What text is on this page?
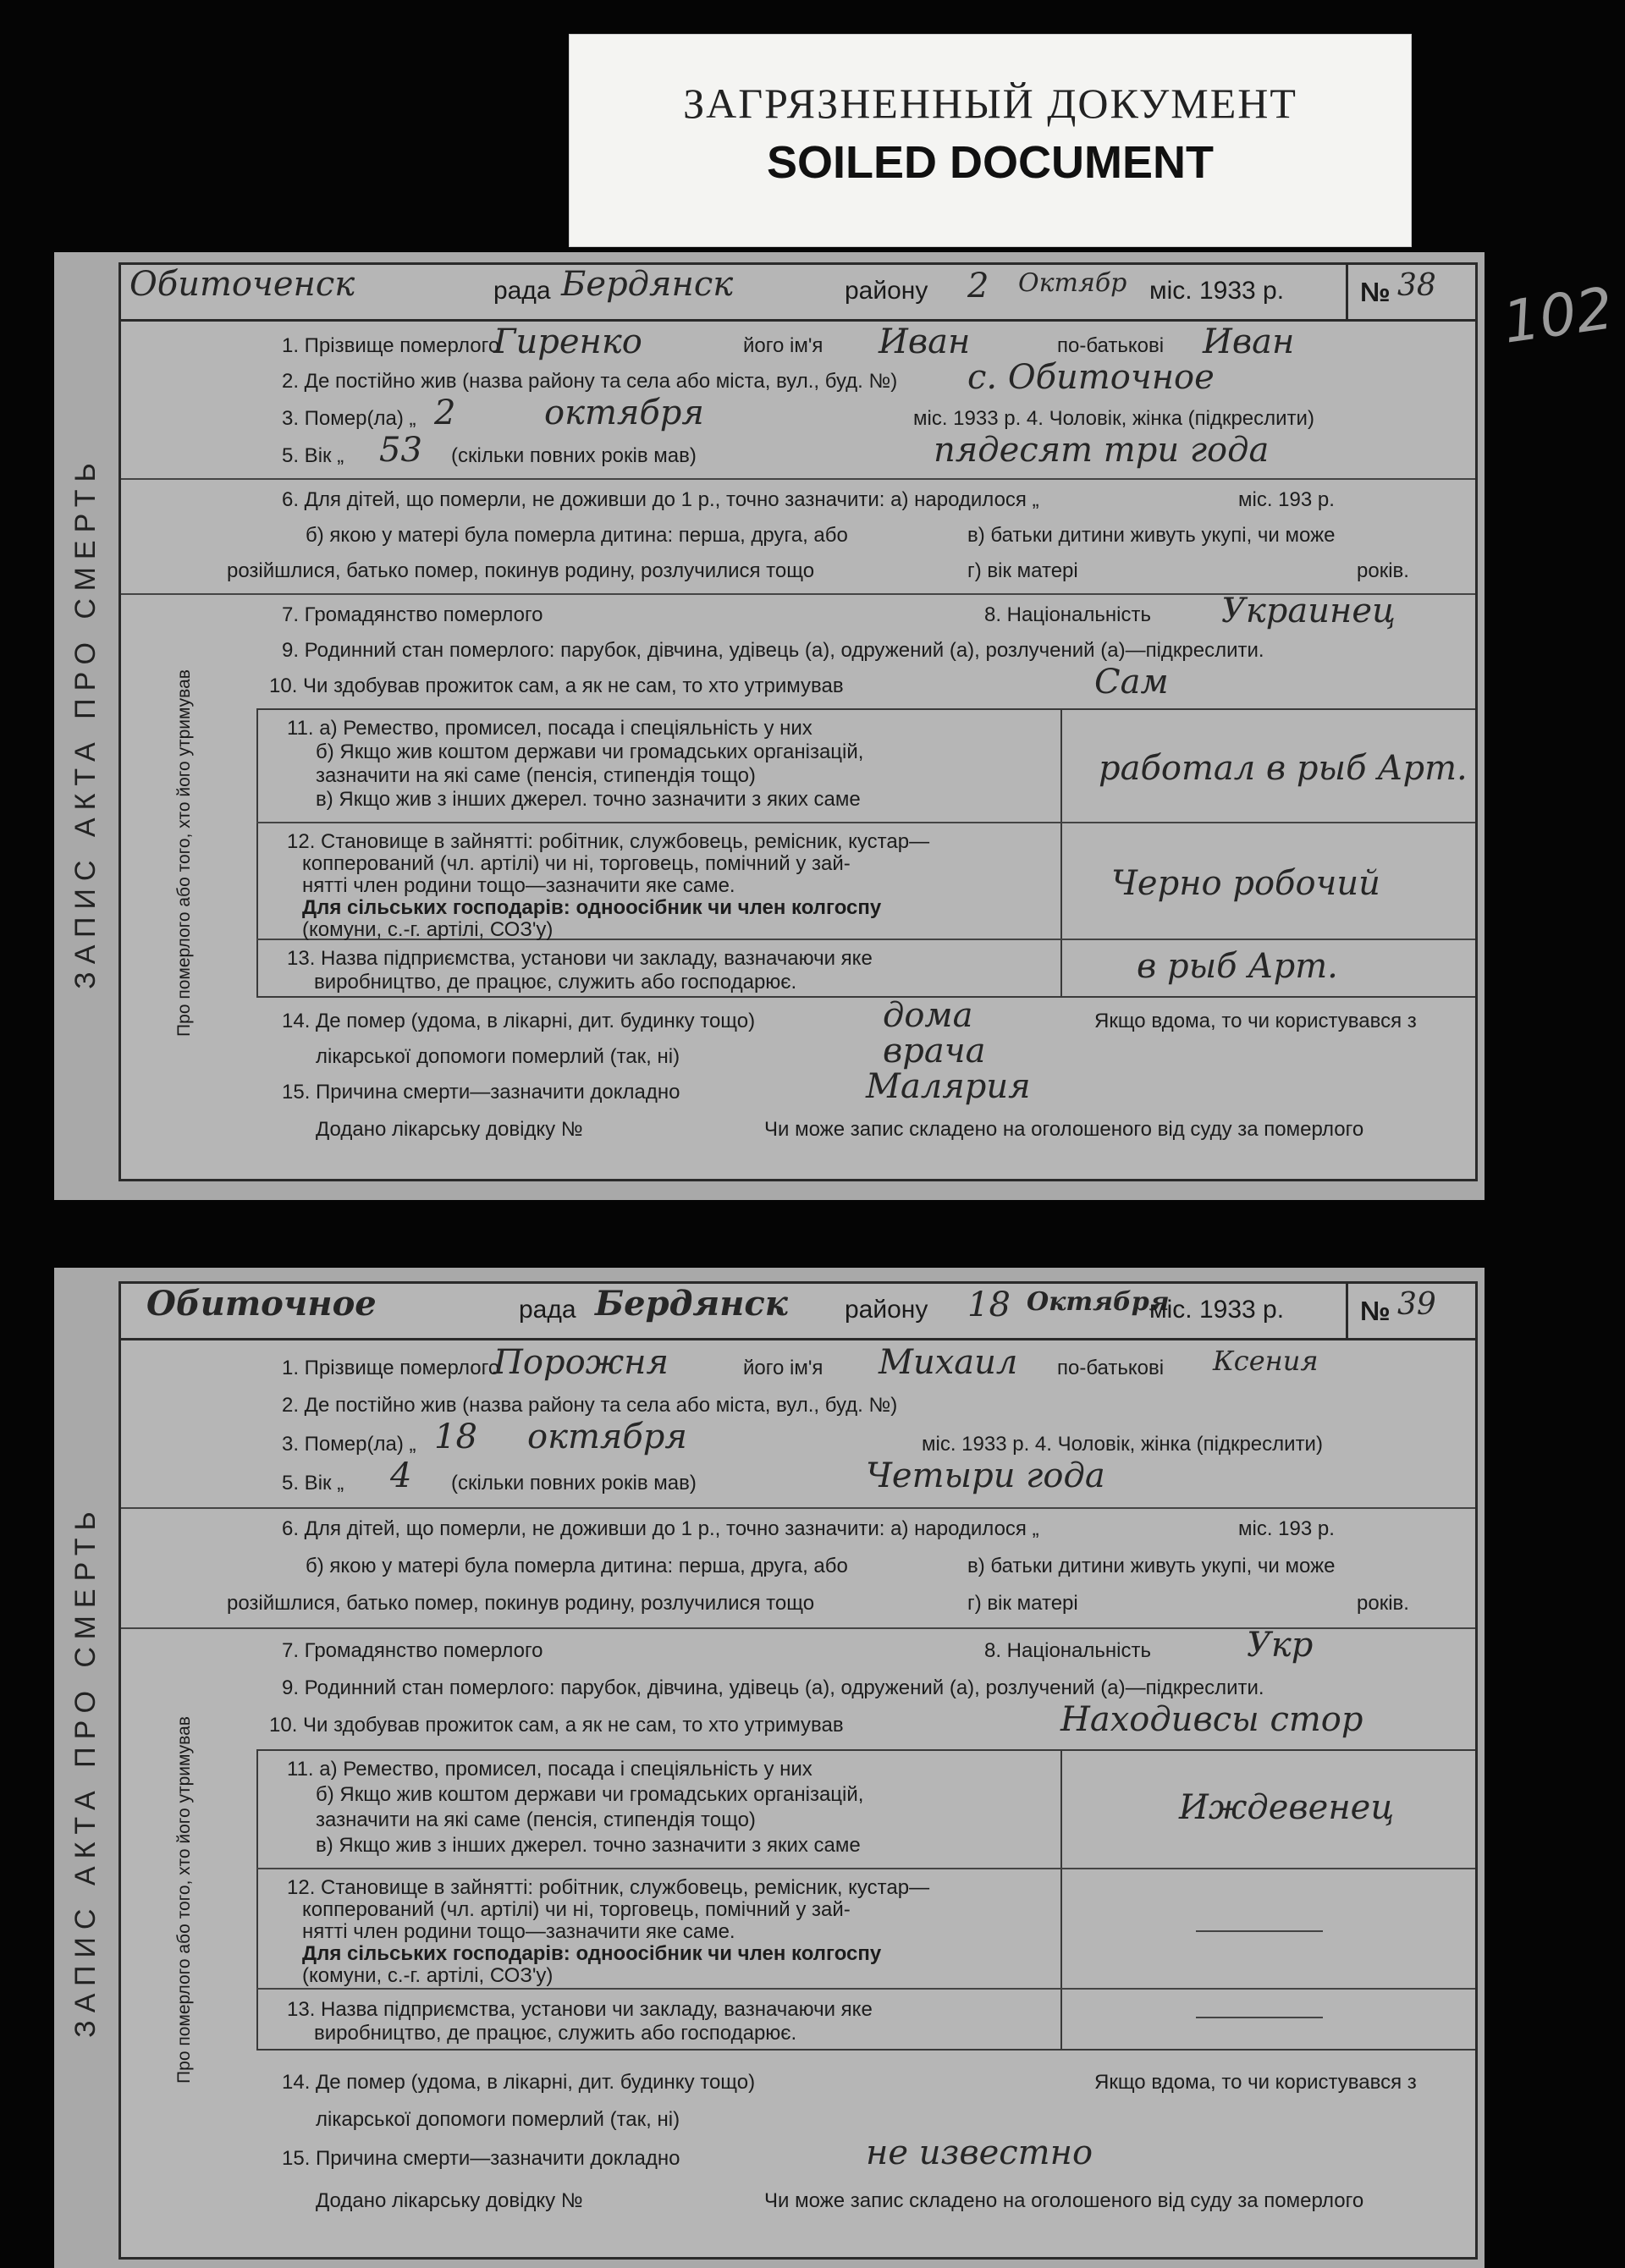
ЗАГРЯЗНЕННЫЙ ДОКУМЕНТ
SOILED DOCUMENT
102
ЗАПИС АКТА ПРО СМЕРТЬ
Обиточенск	рада Бердянск	району 2 Октябр міс. 1933 р.	№ 38
1. Прізвище померлого
Гиренко	його ім'я Иван	по-батькові Иван
2. Де постійно жив (назва району та села або міста, вул., буд. №) с. Обиточное
3. Помер(ла) „ 2	октября	міс. 1933 р. 4. Чоловік, жінка (підкреслити)
5. Вік „ 53 (скільки повних років мав)	пядесят три года
6. Для дітей, що померли, не доживши до 1 р., точно зазначити: а) народилося „	міс. 193 р.
б) якою у матері була померла дитина: перша, друга, або	в) батьки дитини живуть укупі, чи може
розійшлися, батько помер, покинув родину, розлучилися тощо	г) вік матері	років.
7. Громадянство померлого	8. Національність Украинец
9. Родинний стан померлого: парубок, дівчина, удівець (а), одружений (а), розлучений (а)—підкреслити.
10. Чи здобував прожиток сам, а як не сам, то хто утримував	Сам
Про померлого або того, хто його утримував	11. а) Ремество, промисел, посада і спеціяльність у них
б) Якщо жив коштом держави чи громадських організацій,
зазначити на які саме (пенсія, стипендія тощо)
в) Якщо жив з інших джерел. точно зазначити з яких саме
работал в рыб Арт.
12. Становище в зайнятті: робітник, службовець, ремісник, кустар—
копперований (чл. артілі) чи ні, торговець, помічний у зай-
нятті член родини тощо—зазначити яке саме.
Для сільських господарів: одноосібник чи член колгоспу
(комуни, с.-г. артілі, СОЗ'у)
Черно робочий
13. Назва підприємства, установи чи закладу, вазначаючи яке
виробництво, де працює, служить або господарює.	в рыб Арт.
14. Де помер (удома, в лікарні, дит. будинку тощо)	дома	Якщо вдома, то чи користувався з
лікарської допомоги померлий (так, ні)	врача
15. Причина смерти—зазначити докладно	Малярия
Додано лікарську довідку №	Чи може запис складено на оголошеного від суду за померлого
ЗАПИС АКТА ПРО СМЕРТЬ
Обиточное	рада Бердянск району 18 Октября
міс. 1933 р.	№ 39
1. Прізвище померлого
Порожня	його ім'я Михаил по-батькові Ксения
2. Де постійно жив (назва району та села або міста, вул., буд. №)
3. Помер(ла) „ 18 октября	міс. 1933 р. 4. Чоловік, жінка (підкреслити)
5. Вік „ 4 (скільки повних років мав)	Четыри года
6. Для дітей, що померли, не доживши до 1 р., точно зазначити: а) народилося „	міс. 193 р.
б) якою у матері була померла дитина: перша, друга, або	в) батьки дитини живуть укупі, чи може
розійшлися, батько помер, покинув родину, розлучилися тощо	г) вік матері	років.
7. Громадянство померлого	8. Національність	Укр
9. Родинний стан померлого: парубок, дівчина, удівець (а), одружений (а), розлучений (а)—підкреслити.
10. Чи здобував прожиток сам, а як не сам, то хто утримував	Находивсы стор
Про померлого або того, хто його утримував	11. а) Ремество, промисел, посада і спеціяльність у них
б) Якщо жив коштом держави чи громадських організацій,
зазначити на які саме (пенсія, стипендія тощо)
в) Якщо жив з інших джерел. точно зазначити з яких саме
Иждевенец
12. Становище в зайнятті: робітник, службовець, ремісник, кустар—
копперований (чл. артілі) чи ні, торговець, помічний у зай-
нятті член родини тощо—зазначити яке саме.
Для сільських господарів: одноосібник чи член колгоспу
(комуни, с.-г. артілі, СОЗ'у)
13. Назва підприємства, установи чи закладу, вазначаючи яке
виробництво, де працює, служить або господарює.
14. Де помер (удома, в лікарні, дит. будинку тощо)	Якщо вдома, то чи користувався з
лікарської допомоги померлий (так, ні)
15. Причина смерти—зазначити докладно	не известно
Додано лікарську довідку №	Чи може запис складено на оголошеного від суду за померлого
